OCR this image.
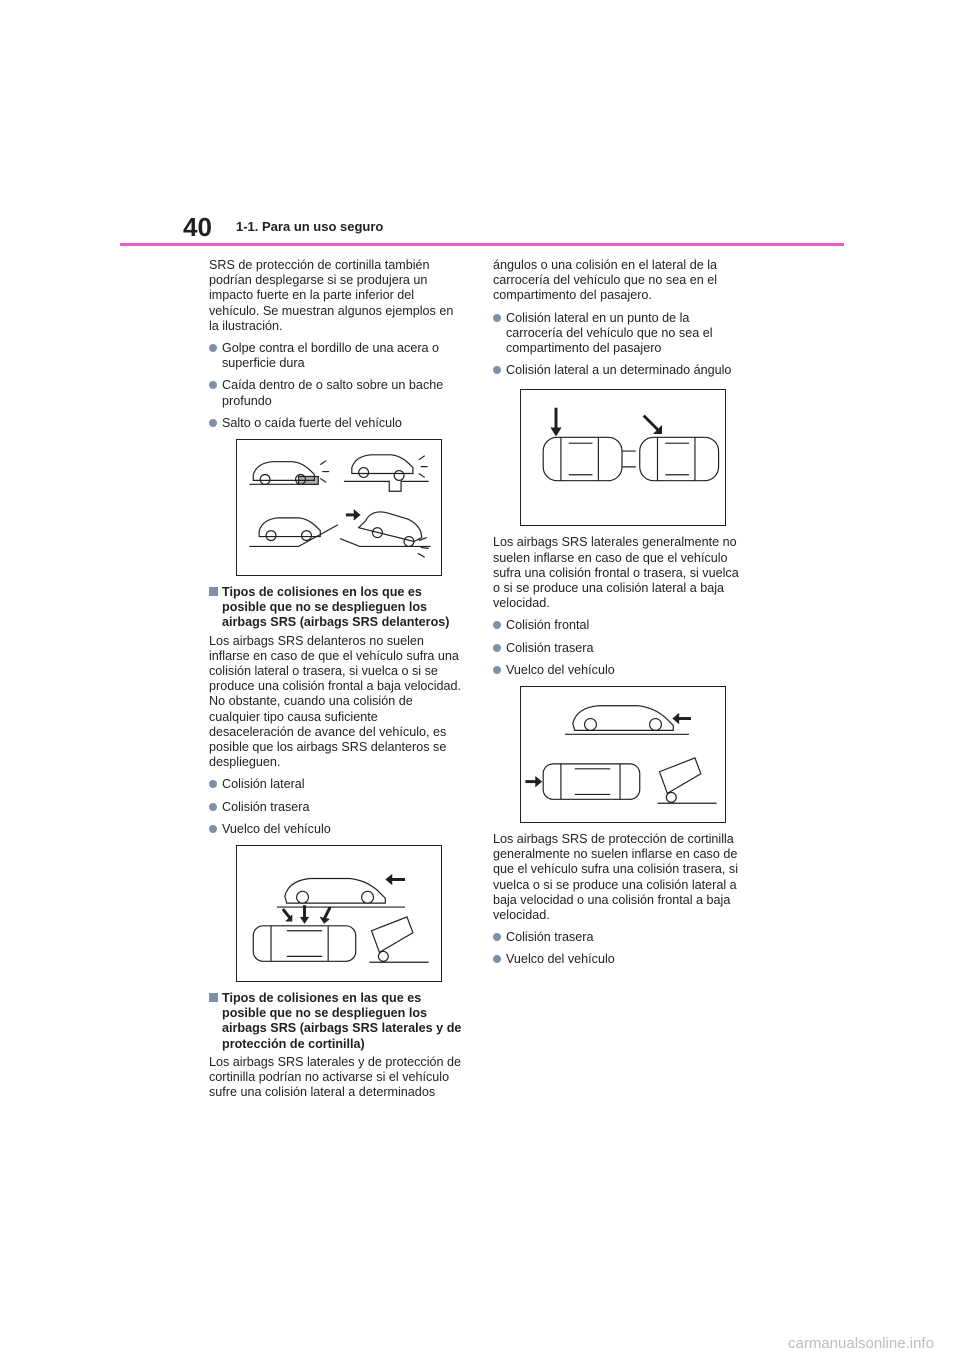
40 1-1. Para un uso seguro

SRS de protección de cortinilla también podrían desplegarse si se produjera un impacto fuerte en la parte inferior del vehículo. Se muestran algunos ejemplos en la ilustración.

Golpe contra el bordillo de una acera o superficie dura
Caída dentro de o salto sobre un bache profundo
Salto o caída fuerte del vehículo
Tipos de colisiones en los que es posible que no se desplieguen los airbags SRS (airbags SRS delanteros)

Los airbags SRS delanteros no suelen inflarse en caso de que el vehículo sufra una colisión lateral o trasera, si vuelca o si se produce una colisión frontal a baja velocidad. No obstante, cuando una colisión de cualquier tipo causa suficiente desaceleración de avance del vehículo, es posible que los airbags SRS delanteros se desplieguen.

Colisión lateral
Colisión trasera
Vuelco del vehículo
Tipos de colisiones en las que es posible que no se desplieguen los airbags SRS (airbags SRS laterales y de protección de cortinilla)

Los airbags SRS laterales y de protección de cortinilla podrían no activarse si el vehículo sufre una colisión lateral a determinados

ángulos o una colisión en el lateral de la carrocería del vehículo que no sea en el compartimento del pasajero.

Colisión lateral en un punto de la carrocería del vehículo que no sea el compartimento del pasajero
Colisión lateral a un determinado ángulo

Los airbags SRS laterales generalmente no suelen inflarse en caso de que el vehículo sufra una colisión frontal o trasera, si vuelca o si se produce una colisión lateral a baja velocidad.

Colisión frontal
Colisión trasera
Vuelco del vehículo

Los airbags SRS de protección de cortinilla generalmente no suelen inflarse en caso de que el vehículo sufra una colisión trasera, si vuelca o si se produce una colisión lateral a baja velocidad o una colisión frontal a baja velocidad.

Colisión trasera
Vuelco del vehículo
carmanualsonline.info
